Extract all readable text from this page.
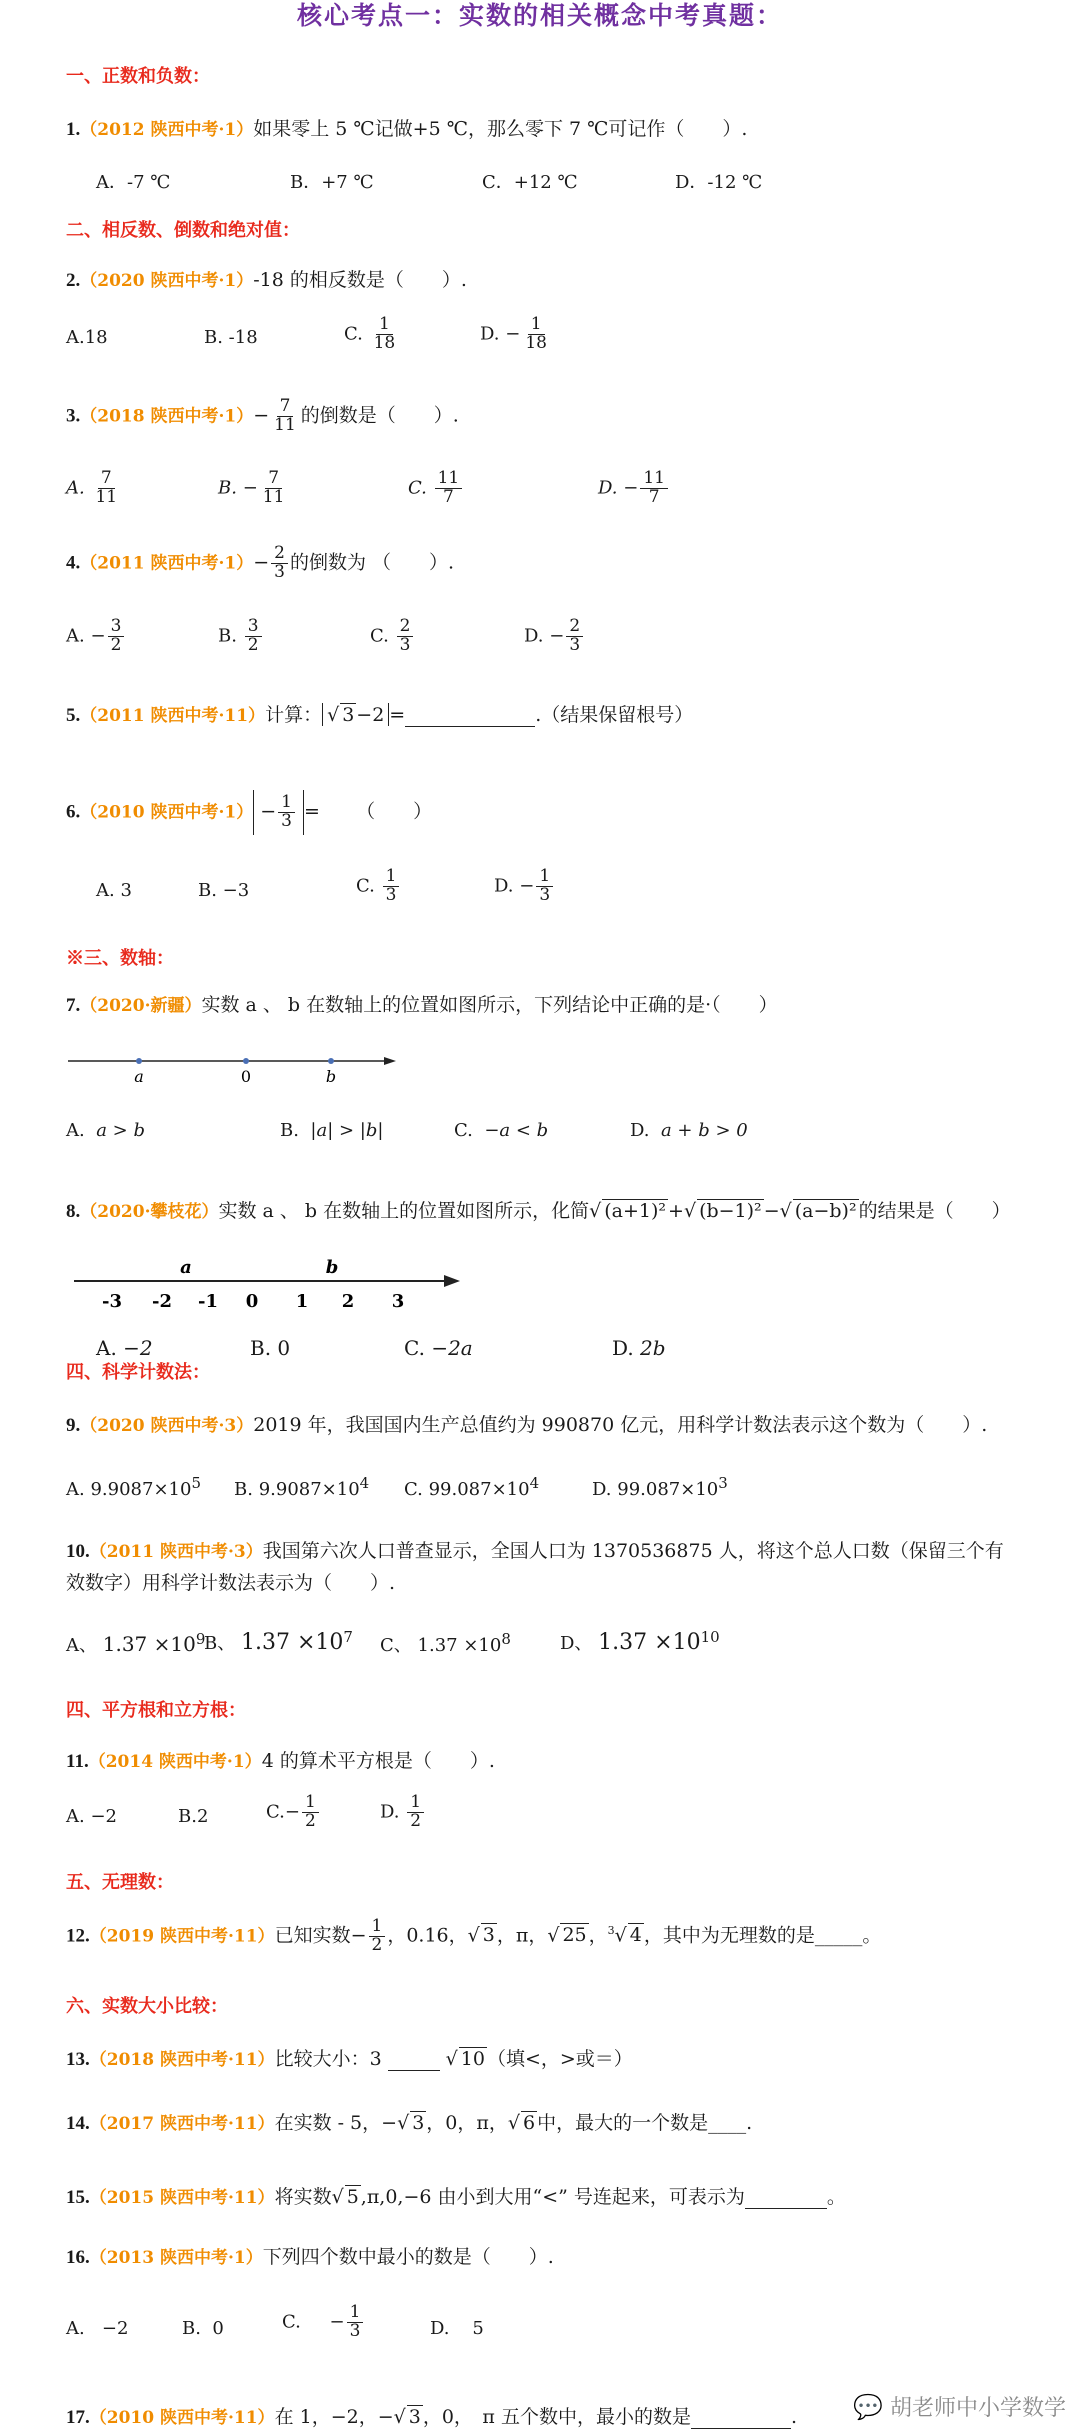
核心考点一：实数的相关概念中考真题：
一、正数和负数：
1.（2012 陕西中考·1）如果零上 5 ℃记做+5 ℃，那么零下 7 ℃可记作（　　）.
A．-7 ℃	B．+7 ℃	C．+12 ℃	D．-12 ℃
二、相反数、倒数和绝对值：
2.（2020 陕西中考·1）-18 的相反数是（　　）.
A.18	B. -18	C. $\frac{1}{18}$	D. − $\frac{1}{18}$
3.（2018 陕西中考$\cdot 1)- \frac{7}{11}$ 的倒数是（　　）.
A. $\frac{7}{11}$	B. − $\frac{7}{11}$	C. $\frac{11}{7}$	D. − $\frac{11}{7}$
4.（2011 陕西中考$\cdot 1)- \frac{2}{3}$ 的倒数为 （　　）.
A. − $\frac{3}{2}$	B. $\frac{3}{2}$	C. $\frac{2}{3}$	D. − $\frac{2}{3}$
5.（2011 陕西中考·11）计算： √ 3 −2 =	.（结果保留根号）
6.（2010 陕西中考$\cdot 1) - \frac{1}{3}$ = （　　）
A. 3	B. −3	C. $\frac{1}{3}$	D. − $\frac{1}{3}$
※三、数轴：
7.（2020·新疆）实数 a 、 b 在数轴上的位置如图所示，下列结论中正确的是·（　　）
a	0	b
A. a > b	B. |a| > |b|	C. −a < b	D. a + b > 0
8.（2020·攀枝花）实数 a 、 b 在数轴上的位置如图所示，化简√ (a+1)² +√ (b−1)² −√ (a−b)² 的结果是（　　）
-3 -2 -1 0 1 2 3
a	b
A. −2	B. 0	C. −2a	D. 2b
四、科学计数法：
9.（2020 陕西中考·3）2019 年，我国国内生产总值约为 990870 亿元，用科学计数法表示这个数为（　　）.
A. $9.9087\times 10^5$ B. $9.9087\times 10^4$ C. $99.087\times 10^4$	D. $99.087\times 10^3$
10.（2011 陕西中考·3）我国第六次人口普查显示，全国人口为 1370536875 人，将这个总人口数（保留三个有
效数字）用科学计数法表示为（　　）.
A、 $1.37 \times 10^9$
B、 $1.37 \times 10^7$ C、 $1.37 \times 10^8$	D、 $1.37 \times 10^{10}$
四、平方根和立方根：
11.（2014 陕西中考·1）4 的算术平方根是（　　）.
A. −2	B.2	$C.- \frac{1}{2}$	D. $\frac{1}{2}$
五、无理数：
12.（2019 陕西中考·11）已知实数− $\frac{1}{2}$ ，0.16，√ 3 ，π，√ 25 ，$^3$√ 4 ，其中为无理数的是_____。
六、实数大小比较：
13.（2018 陕西中考·11）比较大小：3	√ 10 （填<，>或＝）
14.（2017 陕西中考·11）在实数 - 5，−√ 3 ，0，π，√ 6 中，最大的一个数是____.
15.（2015 陕西中考·11）将实数√ 5 ,π,0,−6 由小到大用“<” 号连起来，可表示为	。
16.（2013 陕西中考·1）下列四个数中最小的数是（　　）.
A. −2	B. 0	C. − $\frac{1}{3}$	D. 5
17.（2010 陕西中考·11）在 1，−2，−√ 3 ，0，　π 五个数中，最小的数是	. 💬 胡老师中小学数学
